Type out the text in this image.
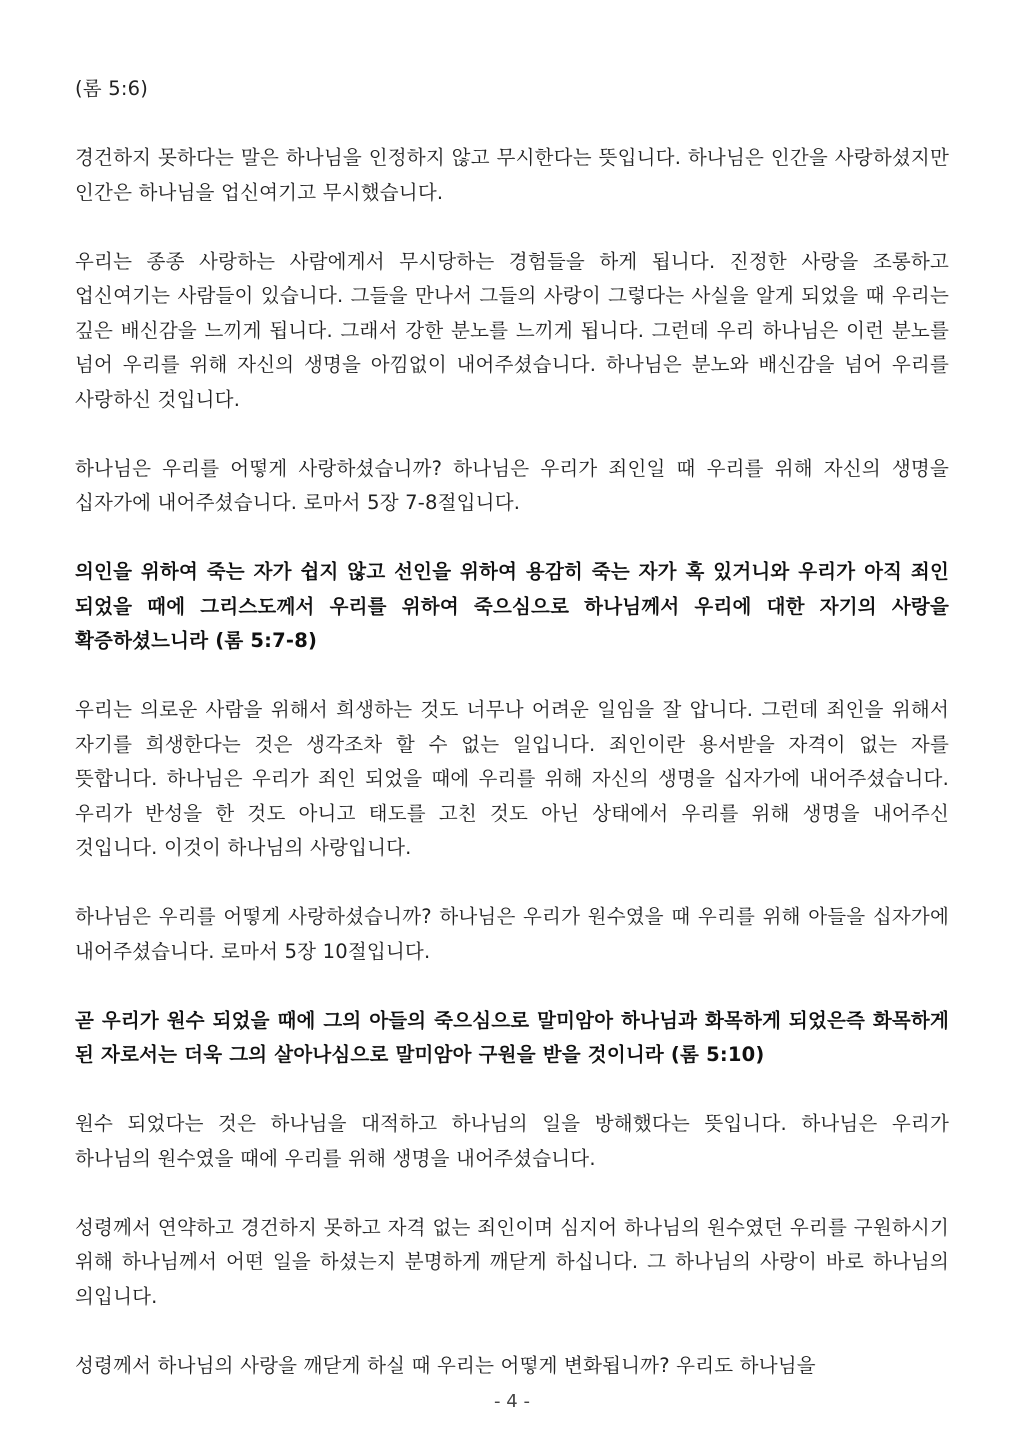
(롬 5:6)

경건하지 못하다는 말은 하나님을 인정하지 않고 무시한다는 뜻입니다. 하나님은 인간을 사랑하셨지만 인간은 하나님을 업신여기고 무시했습니다.

우리는 종종 사랑하는 사람에게서 무시당하는 경험들을 하게 됩니다. 진정한 사랑을 조롱하고 업신여기는 사람들이 있습니다. 그들을 만나서 그들의 사랑이 그렇다는 사실을 알게 되었을 때 우리는 깊은 배신감을 느끼게 됩니다. 그래서 강한 분노를 느끼게 됩니다. 그런데 우리 하나님은 이런 분노를 넘어 우리를 위해 자신의 생명을 아낌없이 내어주셨습니다. 하나님은 분노와 배신감을 넘어 우리를 사랑하신 것입니다.

하나님은 우리를 어떻게 사랑하셨습니까? 하나님은 우리가 죄인일 때 우리를 위해 자신의 생명을 십자가에 내어주셨습니다. 로마서 5장 7-8절입니다.

의인을 위하여 죽는 자가 쉽지 않고 선인을 위하여 용감히 죽는 자가 혹 있거니와 우리가 아직 죄인 되었을 때에 그리스도께서 우리를 위하여 죽으심으로 하나님께서 우리에 대한 자기의 사랑을 확증하셨느니라 (롬 5:7-8)

우리는 의로운 사람을 위해서 희생하는 것도 너무나 어려운 일임을 잘 압니다. 그런데 죄인을 위해서 자기를 희생한다는 것은 생각조차 할 수 없는 일입니다. 죄인이란 용서받을 자격이 없는 자를 뜻합니다. 하나님은 우리가 죄인 되었을 때에 우리를 위해 자신의 생명을 십자가에 내어주셨습니다. 우리가 반성을 한 것도 아니고 태도를 고친 것도 아닌 상태에서 우리를 위해 생명을 내어주신 것입니다. 이것이 하나님의 사랑입니다.

하나님은 우리를 어떻게 사랑하셨습니까? 하나님은 우리가 원수였을 때 우리를 위해 아들을 십자가에 내어주셨습니다. 로마서 5장 10절입니다.

곧 우리가 원수 되었을 때에 그의 아들의 죽으심으로 말미암아 하나님과 화목하게 되었은즉 화목하게 된 자로서는 더욱 그의 살아나심으로 말미암아 구원을 받을 것이니라 (롬 5:10)

원수 되었다는 것은 하나님을 대적하고 하나님의 일을 방해했다는 뜻입니다. 하나님은 우리가 하나님의 원수였을 때에 우리를 위해 생명을 내어주셨습니다.

성령께서 연약하고 경건하지 못하고 자격 없는 죄인이며 심지어 하나님의 원수였던 우리를 구원하시기 위해 하나님께서 어떤 일을 하셨는지 분명하게 깨닫게 하십니다. 그 하나님의 사랑이 바로 하나님의 의입니다.

성령께서 하나님의 사랑을 깨닫게 하실 때 우리는 어떻게 변화됩니까? 우리도 하나님을

- 4 -
